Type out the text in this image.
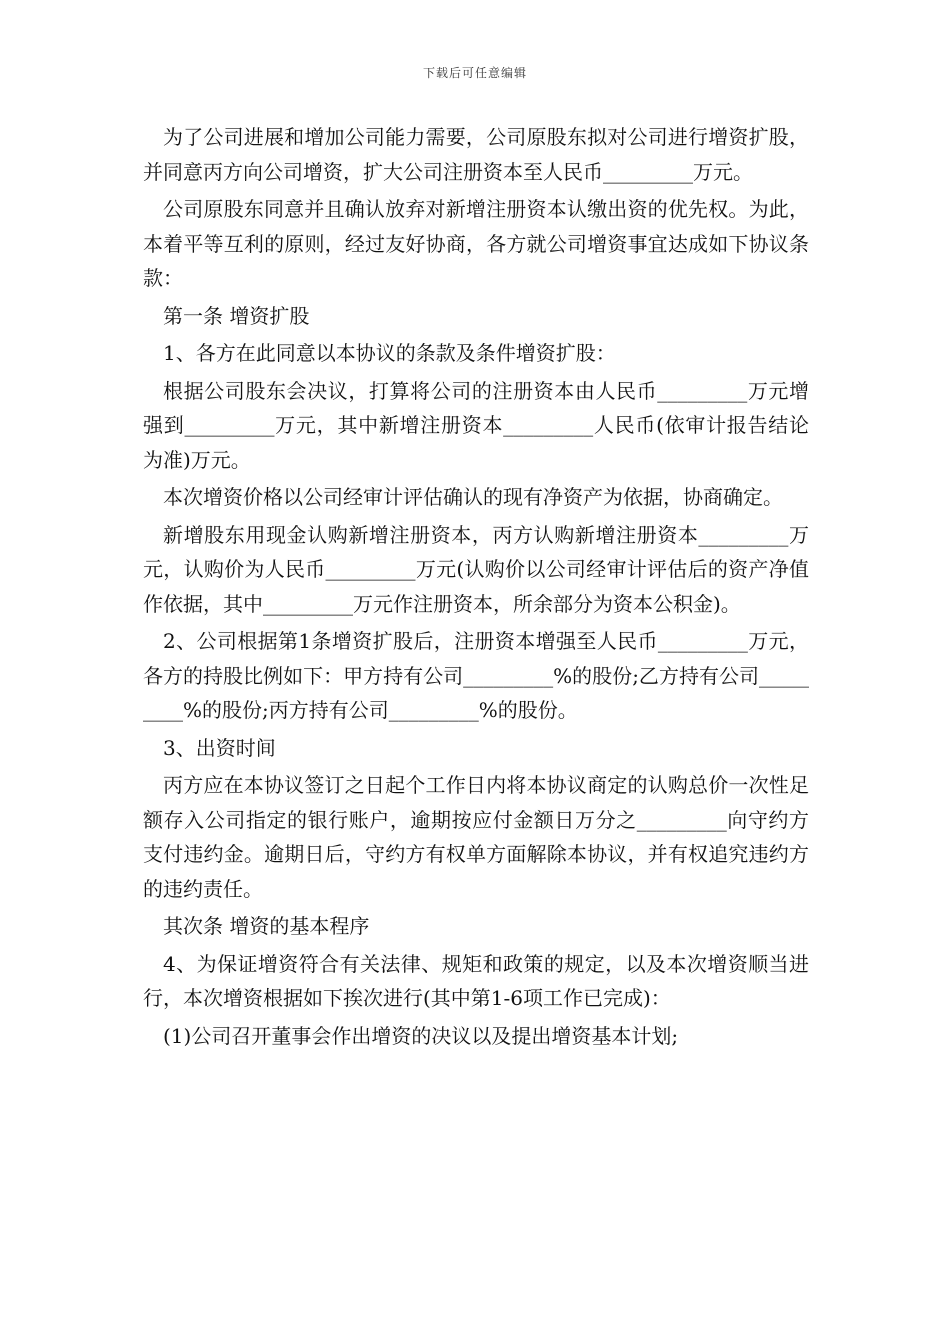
下载后可任意编辑

为了公司进展和增加公司能力需要，公司原股东拟对公司进行增资扩股，并同意丙方向公司增资，扩大公司注册资本至人民币_________万元。

公司原股东同意并且确认放弃对新增注册资本认缴出资的优先权。为此，本着平等互利的原则，经过友好协商，各方就公司增资事宜达成如下协议条款：

第一条 增资扩股

1、各方在此同意以本协议的条款及条件增资扩股：

根据公司股东会决议，打算将公司的注册资本由人民币_________万元增强到_________万元，其中新增注册资本_________人民币(依审计报告结论为准)万元。

本次增资价格以公司经审计评估确认的现有净资产为依据，协商确定。

新增股东用现金认购新增注册资本，丙方认购新增注册资本_________万元，认购价为人民币_________万元(认购价以公司经审计评估后的资产净值作依据，其中_________万元作注册资本，所余部分为资本公积金)。

2、公司根据第1条增资扩股后，注册资本增强至人民币_________万元，各方的持股比例如下：甲方持有公司_________%的股份;乙方持有公司_________%的股份;丙方持有公司_________%的股份。

3、出资时间

丙方应在本协议签订之日起个工作日内将本协议商定的认购总价一次性足额存入公司指定的银行账户，逾期按应付金额日万分之_________向守约方支付违约金。逾期日后，守约方有权单方面解除本协议，并有权追究违约方的违约责任。

其次条 增资的基本程序

4、为保证增资符合有关法律、规矩和政策的规定，以及本次增资顺当进行，本次增资根据如下挨次进行(其中第1-6项工作已完成)：

(1)公司召开董事会作出增资的决议以及提出增资基本计划;
